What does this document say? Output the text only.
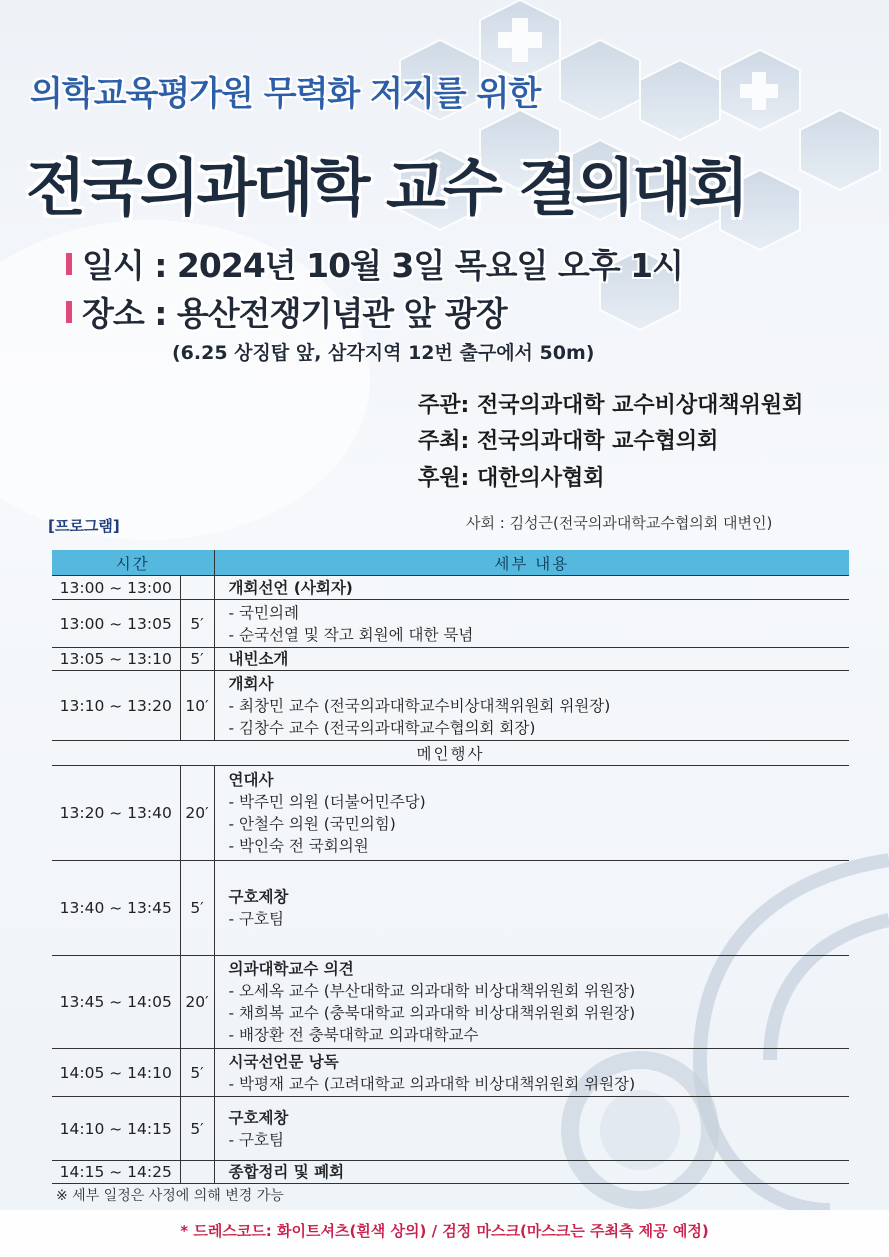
의학교육평가원 무력화 저지를 위한
전국의과대학 교수 결의대회
일시 : 2024년 10월 3일 목요일 오후 1시
장소 : 용산전쟁기념관 앞 광장
(6.25 상징탑 앞, 삼각지역 12번 출구에서 50m)
주관: 전국의과대학 교수비상대책위원회
주최: 전국의과대학 교수협의회
후원: 대한의사협회
[프로그램]	사회 : 김성근(전국의과대학교수협의회 대변인)
시간		세부 내용
13:00 ~ 13:00		개회선언 (사회자)

13:00 ~ 13:05	5′	- 국민의례
- 순국선열 및 작고 회원에 대한 묵념

13:05 ~ 13:10	5′	내빈소개

13:10 ~ 13:20	10′	개회사
- 최창민 교수 (전국의과대학교수비상대책위원회 위원장)
- 김창수 교수 (전국의과대학교수협의회 회장)

메인행사		
13:20 ~ 13:40	20′	연대사
- 박주민 의원 (더불어민주당)
- 안철수 의원 (국민의힘)
- 박인숙 전 국회의원

13:40 ~ 13:45	5′	구호제창
- 구호팀

13:45 ~ 14:05	20′	의과대학교수 의견
- 오세옥 교수 (부산대학교 의과대학 비상대책위원회 위원장)
- 채희복 교수 (충북대학교 의과대학 비상대책위원회 위원장)
- 배장환 전 충북대학교 의과대학교수

14:05 ~ 14:10	5′	시국선언문 낭독
- 박평재 교수 (고려대학교 의과대학 비상대책위원회 위원장)

14:10 ~ 14:15	5′	구호제창
- 구호팀

14:15 ~ 14:25		종합정리 및 폐회
※ 세부 일정은 사정에 의해 변경 가능
* 드레스코드: 화이트셔츠(흰색 상의) / 검정 마스크(마스크는 주최측 제공 예정)
